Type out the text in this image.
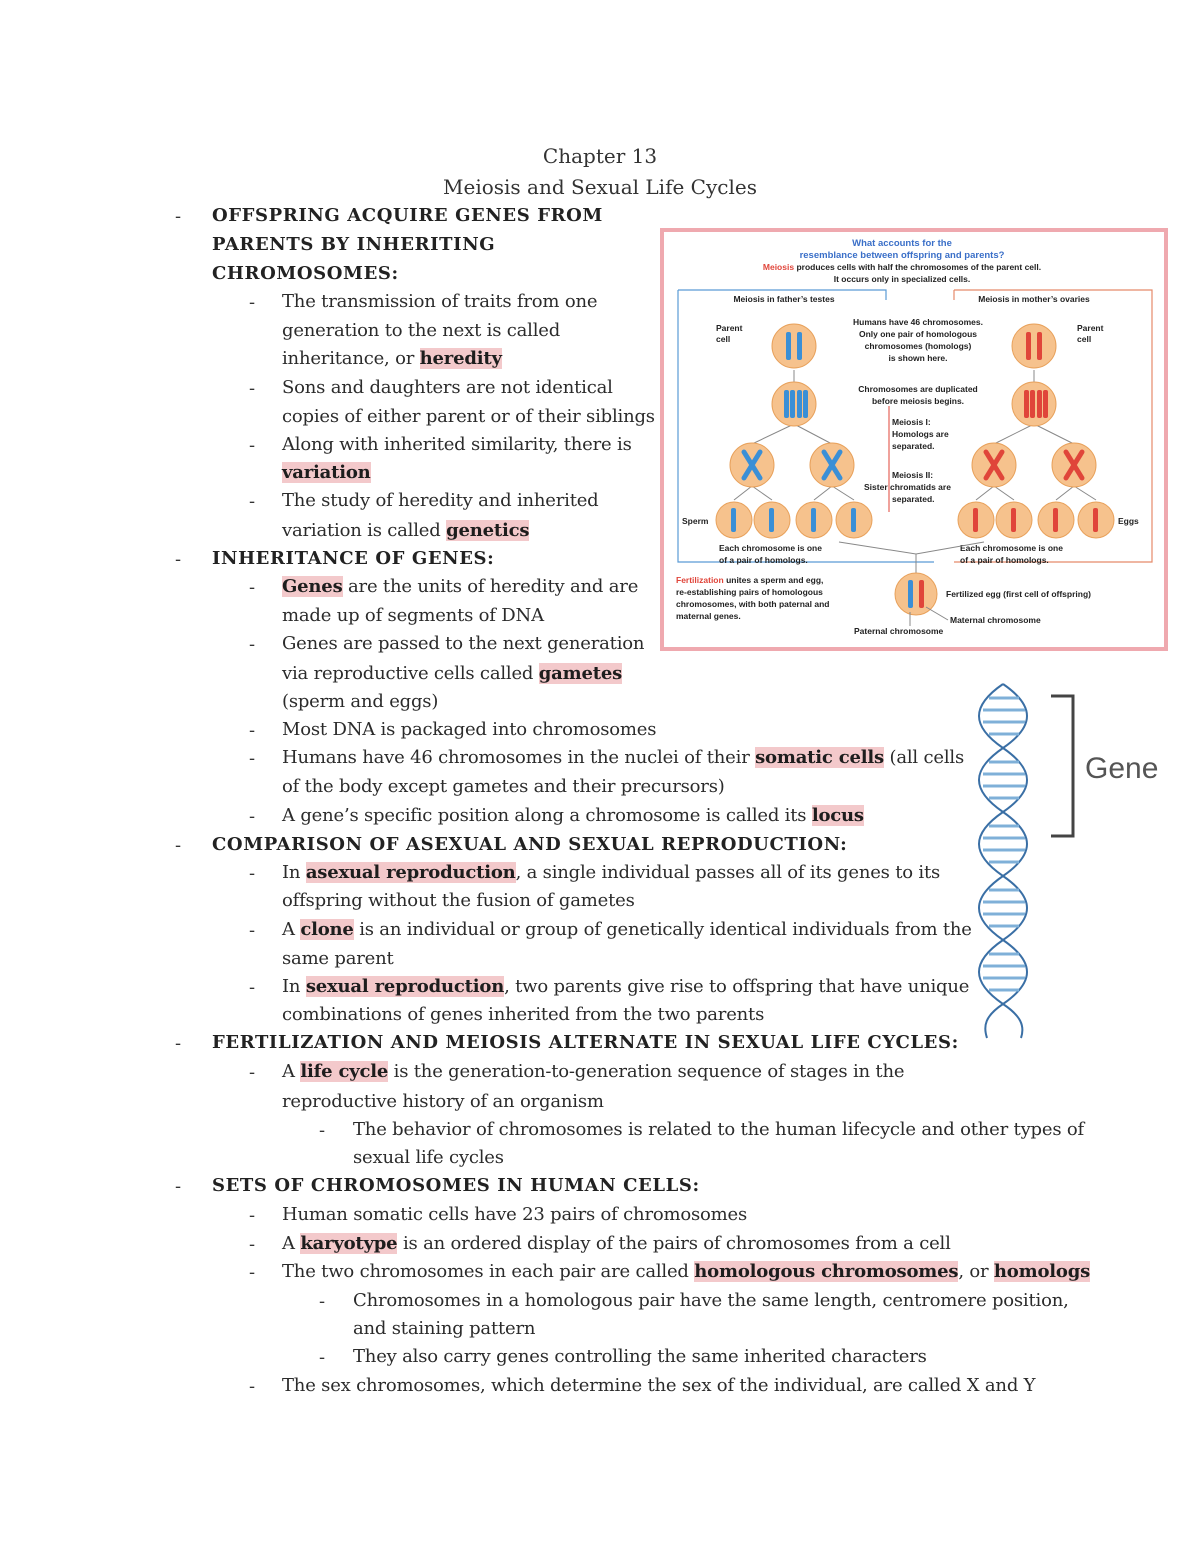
Chapter 13
Meiosis and Sexual Life Cycles
- OFFSPRING ACQUIRE GENES FROM
PARENTS BY INHERITING
CHROMOSOMES:
- The transmission of traits from one
generation to the next is called
inheritance, or heredity
- Sons and daughters are not identical
copies of either parent or of their siblings
- Along with inherited similarity, there is
variation
- The study of heredity and inherited
variation is called genetics
- INHERITANCE OF GENES:
- Genes are the units of heredity and are
made up of segments of DNA
- Genes are passed to the next generation
via reproductive cells called gametes
(sperm and eggs)
- Most DNA is packaged into chromosomes
- Humans have 46 chromosomes in the nuclei of their somatic cells (all cells
of the body except gametes and their precursors)
- A gene’s specific position along a chromosome is called its locus
- COMPARISON OF ASEXUAL AND SEXUAL REPRODUCTION:
- In asexual reproduction, a single individual passes all of its genes to its
offspring without the fusion of gametes
- A clone is an individual or group of genetically identical individuals from the
same parent
- In sexual reproduction, two parents give rise to offspring that have unique
combinations of genes inherited from the two parents
- FERTILIZATION AND MEIOSIS ALTERNATE IN SEXUAL LIFE CYCLES:
- A life cycle is the generation-to-generation sequence of stages in the
reproductive history of an organism
- The behavior of chromosomes is related to the human lifecycle and other types of
sexual life cycles
- SETS OF CHROMOSOMES IN HUMAN CELLS:
- Human somatic cells have 23 pairs of chromosomes
- A karyotype is an ordered display of the pairs of chromosomes from a cell
- The two chromosomes in each pair are called homologous chromosomes, or homologs
- Chromosomes in a homologous pair have the same length, centromere position,
and staining pattern
- They also carry genes controlling the same inherited characters
- The sex chromosomes, which determine the sex of the individual, are called X and Y
What accounts for the
resemblance between offspring and parents?
Meiosis produces cells with half the chromosomes of the parent cell.
It occurs only in specialized cells.
Meiosis in father’s testes	Meiosis in mother’s ovaries
Parent
cell
Parent
cell
Humans have 46 chromosomes.
Only one pair of homologous
chromosomes (homologs)
is shown here.
Chromosomes are duplicated
before meiosis begins.
Meiosis I:
Homologs are
separated.
Meiosis II:
Sister chromatids are
separated.
Sperm
Each chromosome is one
of a pair of homologs.
Eggs
Each chromosome is one
of a pair of homologs.
Fertilization unites a sperm and egg,
re-establishing pairs of homologous
chromosomes, with both paternal and
maternal genes.
Fertilized egg (first cell of offspring)
Maternal chromosome
Paternal chromosome
Gene
